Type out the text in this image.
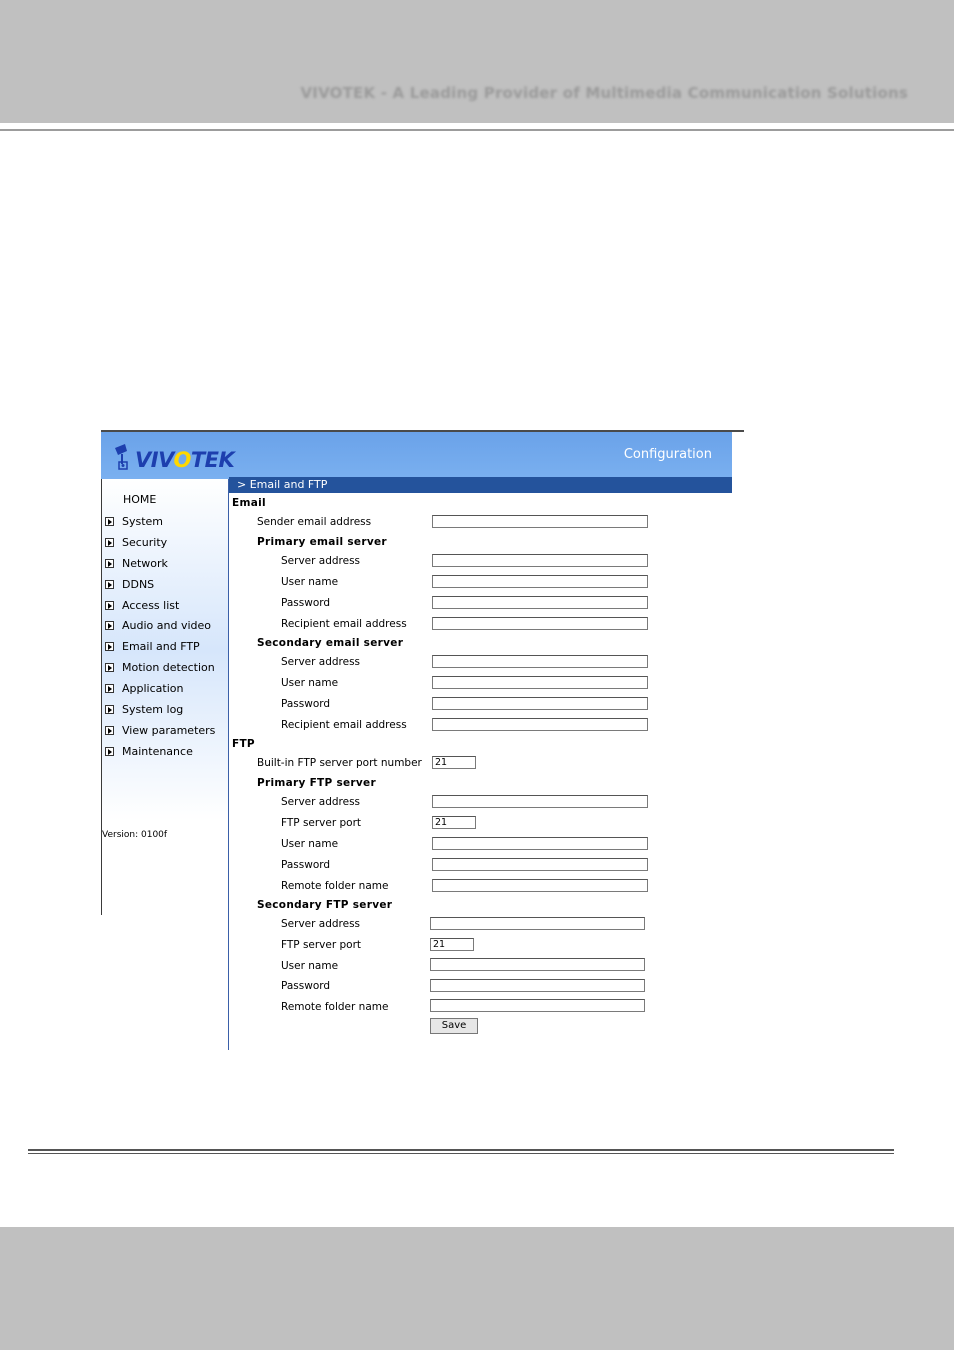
VIVOTEK - A Leading Provider of Multimedia Communication Solutions
VIVOTEK	Configuration
HOME
System
Security
Network
DDNS
Access list
Audio and video
Email and FTP
Motion detection
Application
System log
View parameters
Maintenance
Version: 0100f
> Email and FTP
Email
Sender email address
Primary email server
Server address
User name
Password
Recipient email address
Secondary email server
Server address
User name
Password
Recipient email address
FTP
Built-in FTP server port number	21
Primary FTP server
Server address
FTP server port	21
User name
Password
Remote folder name
Secondary FTP server
Server address
FTP server port	21
User name
Password
Remote folder name
Save
